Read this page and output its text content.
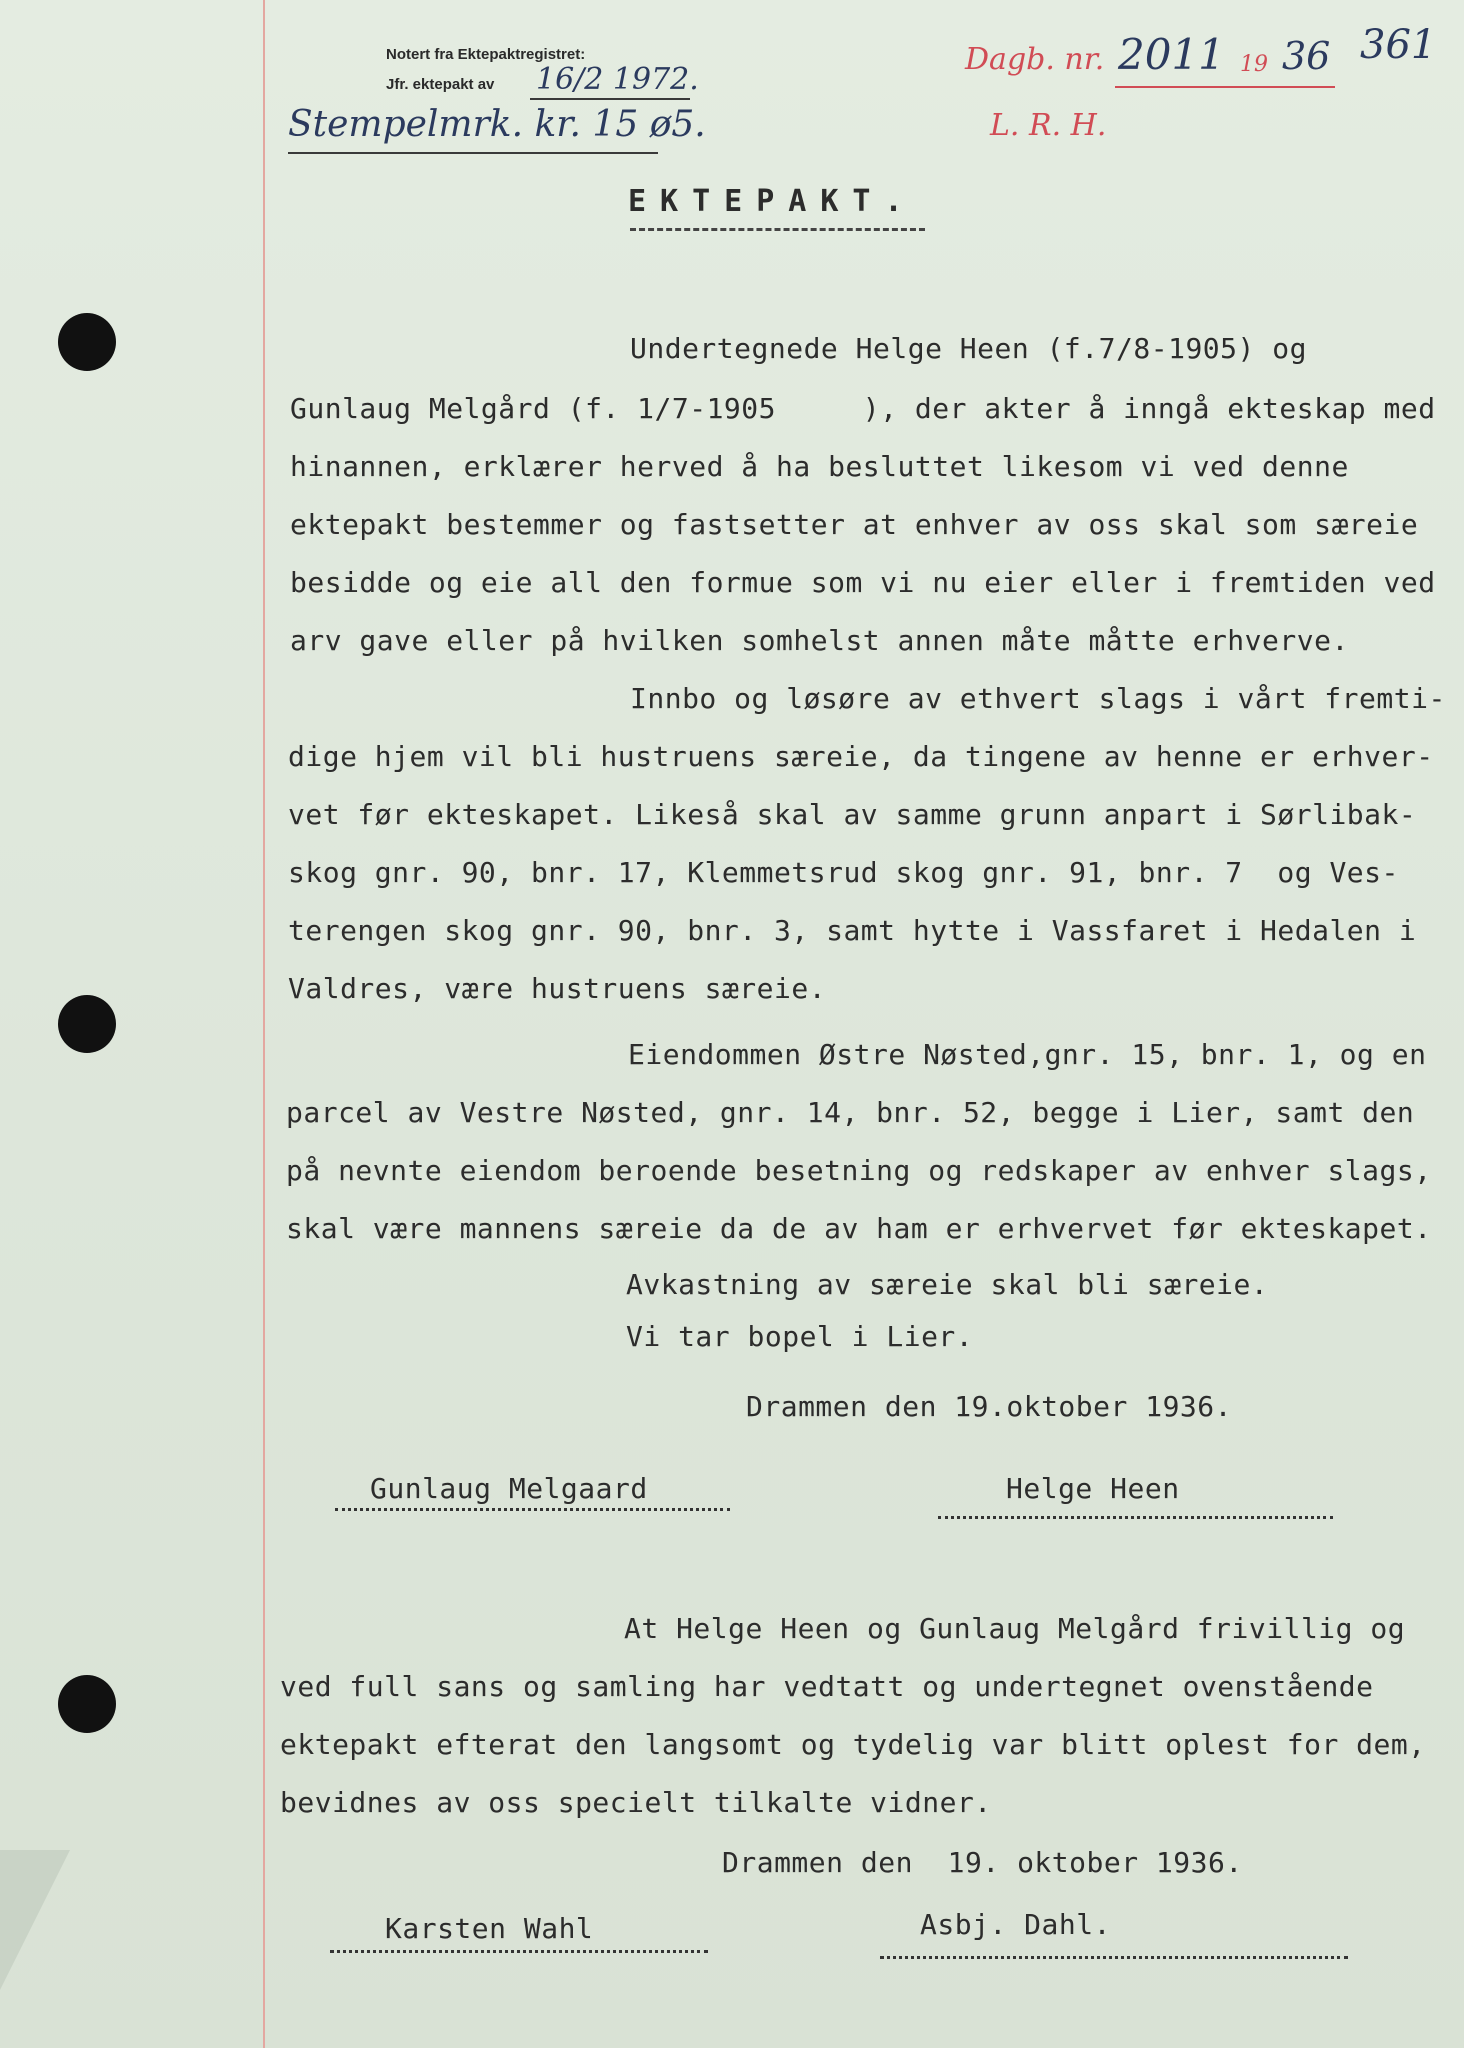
Notert fra Ektepaktregistret:
Jfr. ektepakt av 16/2 1972.
Stempelmrk. kr. 15 ø5.
Dagb. nr. 2011 19 36 361
L. R. H.
EKTEPAKT.
Undertegnede Helge Heen (f.7/8-1905) og
Gunlaug Melgård (f. 1/7-1905     ), der akter å inngå ekteskap med
hinannen, erklærer herved å ha besluttet likesom vi ved denne
ektepakt bestemmer og fastsetter at enhver av oss skal som særeie
besidde og eie all den formue som vi nu eier eller i fremtiden ved
arv gave eller på hvilken somhelst annen måte måtte erhverve.
Innbo og løsøre av ethvert slags i vårt fremti-
dige hjem vil bli hustruens særeie, da tingene av henne er erhver-
vet før ekteskapet. Likeså skal av samme grunn anpart i Sørlibak-
skog gnr. 90, bnr. 17, Klemmetsrud skog gnr. 91, bnr. 7  og Ves-
terengen skog gnr. 90, bnr. 3, samt hytte i Vassfaret i Hedalen i
Valdres, være hustruens særeie.
Eiendommen Østre Nøsted,gnr. 15, bnr. 1, og en
parcel av Vestre Nøsted, gnr. 14, bnr. 52, begge i Lier, samt den
på nevnte eiendom beroende besetning og redskaper av enhver slags,
skal være mannens særeie da de av ham er erhvervet før ekteskapet.
Avkastning av særeie skal bli særeie.
Vi tar bopel i Lier.
Drammen den 19.oktober 1936.
Gunlaug Melgaard	Helge Heen
At Helge Heen og Gunlaug Melgård frivillig og
ved full sans og samling har vedtatt og undertegnet ovenstående
ektepakt efterat den langsomt og tydelig var blitt oplest for dem,
bevidnes av oss specielt tilkalte vidner.
Drammen den  19. oktober 1936.
Karsten Wahl	Asbj. Dahl.
